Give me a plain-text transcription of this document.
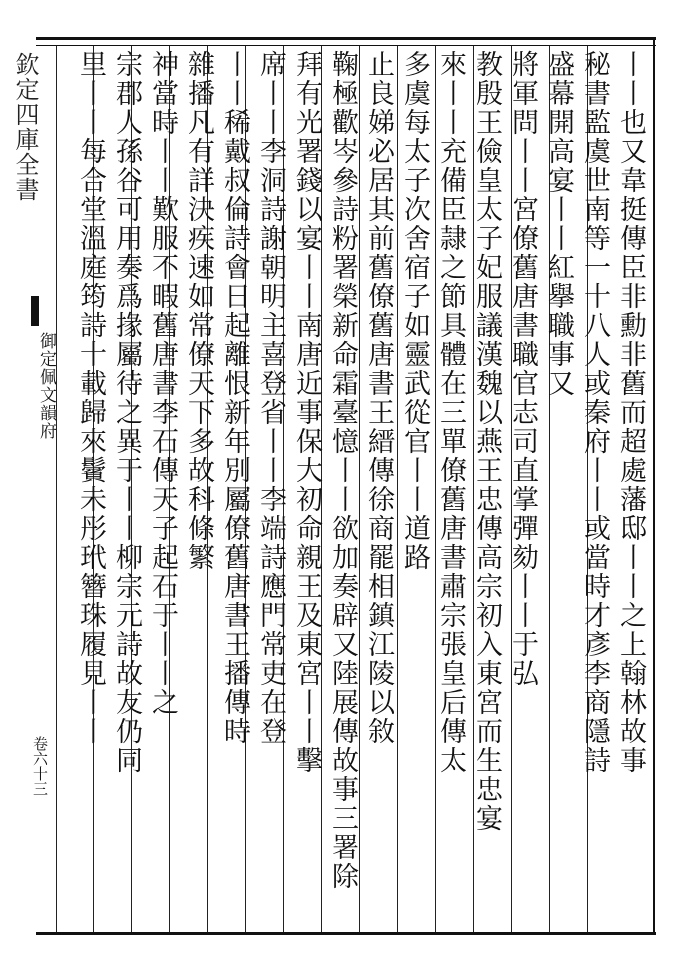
欽定四庫全書
御定佩文韻府
卷六十三	丨丨也又韋挺傳臣非勳非舊而超處藩邸丨丨之上翰林故事
秘書監虞世南等一十八人或秦府丨丨或當時才彥李商隱詩
盛幕開高宴丨丨紅擧職事又
將軍問丨丨宮僚舊唐書職官志司直掌彈劾丨丨于弘
教殷王儉皇太子妃服議漢魏以燕王忠傳高宗初入東宮而生忠宴
來丨丨充備臣隷之節具體在三單僚舊唐書肅宗張皇后傳太
多虞每太子次舍宿子如靈武從官丨丨道路
止良娣必居其前舊僚舊唐書王縉傳徐商罷相鎮江陵以敘
鞠極歡岑參詩粉署榮新命霜臺憶丨丨欲加奏辟又陸展傳故事三署除
拜有光署錢以宴丨丨南唐近事保大初命親王及東宮丨丨擊
席丨丨李洞詩謝朝明主喜登省丨丨李端詩應門常吏在登
丨丨稀戴叔倫詩會日起離恨新年別屬僚舊唐書王播傳時
雜播凡有詳決疾速如常僚天下多故科條繁
神當時丨丨歎服不暇舊唐書李石傳天子起石于丨丨之
宗郡人孫谷可用奏爲掾屬待之異于丨丨柳宗元詩故友仍同
里丨丨每合堂溫庭筠詩十載歸來鬢未彤玳簪珠履見丨丨
